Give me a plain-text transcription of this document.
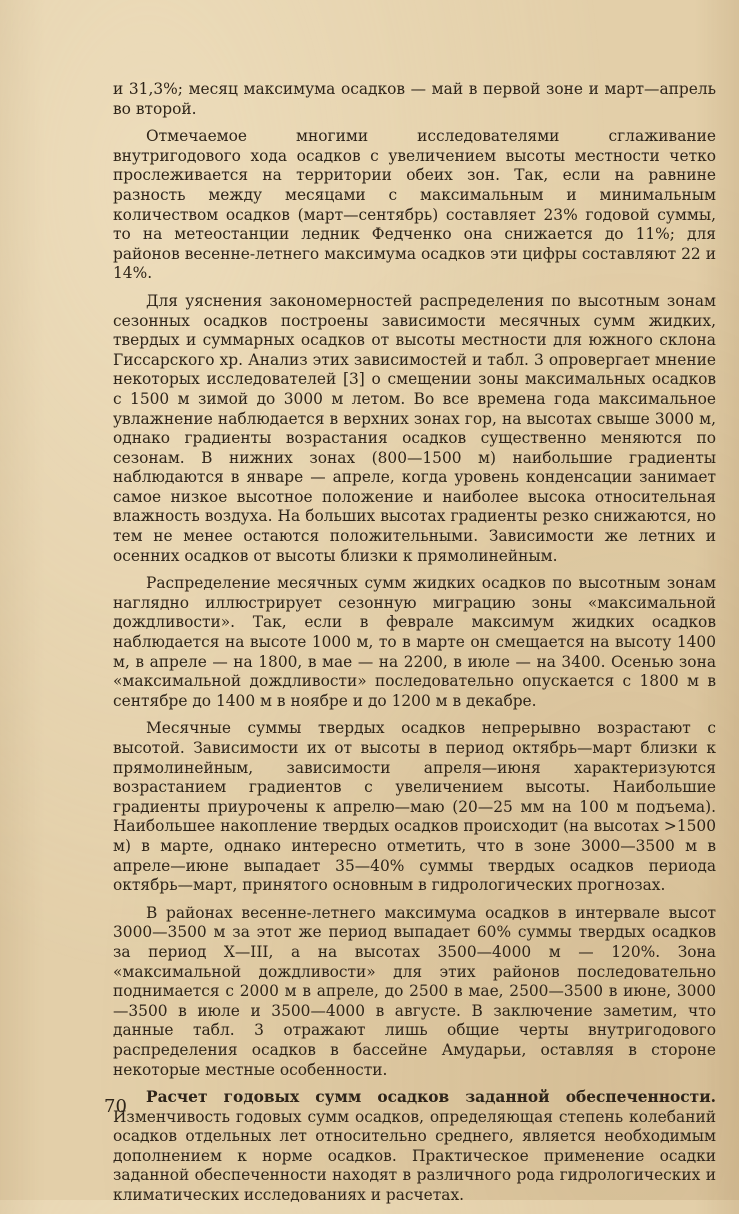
и 31,3%; месяц максимума осадков — май в первой зоне и март—апрель во второй.

Отмечаемое многими исследователями сглаживание внутригодового хода осадков с увеличением высоты местности четко прослеживается на территории обеих зон. Так, если на равнине разность между месяцами с максимальным и минимальным количеством осадков (март—сентябрь) составляет 23% годовой суммы, то на метеостанции ледник Федченко она снижается до 11%; для районов весенне-летнего максимума осадков эти цифры составляют 22 и 14%.

Для уяснения закономерностей распределения по высотным зонам сезонных осадков построены зависимости месячных сумм жидких, твердых и суммарных осадков от высоты местности для южного склона Гиссарского хр. Анализ этих зависимостей и табл. 3 опровергает мнение некоторых исследователей [3] о смещении зоны максимальных осадков с 1500 м зимой до 3000 м летом. Во все времена года максимальное увлажнение наблюдается в верхних зонах гор, на высотах свыше 3000 м, однако градиенты возрастания осадков существенно меняются по сезонам. В нижних зонах (800—1500 м) наибольшие градиенты наблюдаются в январе — апреле, когда уровень конденсации занимает самое низкое высотное положение и наиболее высока относительная влажность воздуха. На больших высотах градиенты резко снижаются, но тем не менее остаются положительными. Зависимости же летних и осенних осадков от высоты близки к прямолинейным.

Распределение месячных сумм жидких осадков по высотным зонам наглядно иллюстрирует сезонную миграцию зоны «максимальной дождливости». Так, если в феврале максимум жидких осадков наблюдается на высоте 1000 м, то в марте он смещается на высоту 1400 м, в апреле — на 1800, в мае — на 2200, в июле — на 3400. Осенью зона «максимальной дождливости» последовательно опускается с 1800 м в сентябре до 1400 м в ноябре и до 1200 м в декабре.

Месячные суммы твердых осадков непрерывно возрастают с высотой. Зависимости их от высоты в период октябрь—март близки к прямолинейным, зависимости апреля—июня характеризуются возрастанием градиентов с увеличением высоты. Наибольшие градиенты приурочены к апрелю—маю (20—25 мм на 100 м подъема). Наибольшее накопление твердых осадков происходит (на высотах >1500 м) в марте, однако интересно отметить, что в зоне 3000—3500 м в апреле—июне выпадает 35—40% суммы твердых осадков периода октябрь—март, принятого основным в гидрологических прогнозах.

В районах весенне-летнего максимума осадков в интервале высот 3000—3500 м за этот же период выпадает 60% суммы твердых осадков за период X—III, а на высотах 3500—4000 м — 120%. Зона «максимальной дождливости» для этих районов последовательно поднимается с 2000 м в апреле, до 2500 в мае, 2500—3500 в июне, 3000—3500 в июле и 3500—4000 в августе. В заключение заметим, что данные табл. 3 отражают лишь общие черты внутригодового распределения осадков в бассейне Амударьи, оставляя в стороне некоторые местные особенности.

Расчет годовых сумм осадков заданной обеспеченности. Изменчивость годовых сумм осадков, определяющая степень колебаний осадков отдельных лет относительно среднего, является необходимым дополнением к норме осадков. Практическое применение осадки заданной обеспеченности находят в различного рода гидрологических и климатических исследованиях и расчетах.

70
